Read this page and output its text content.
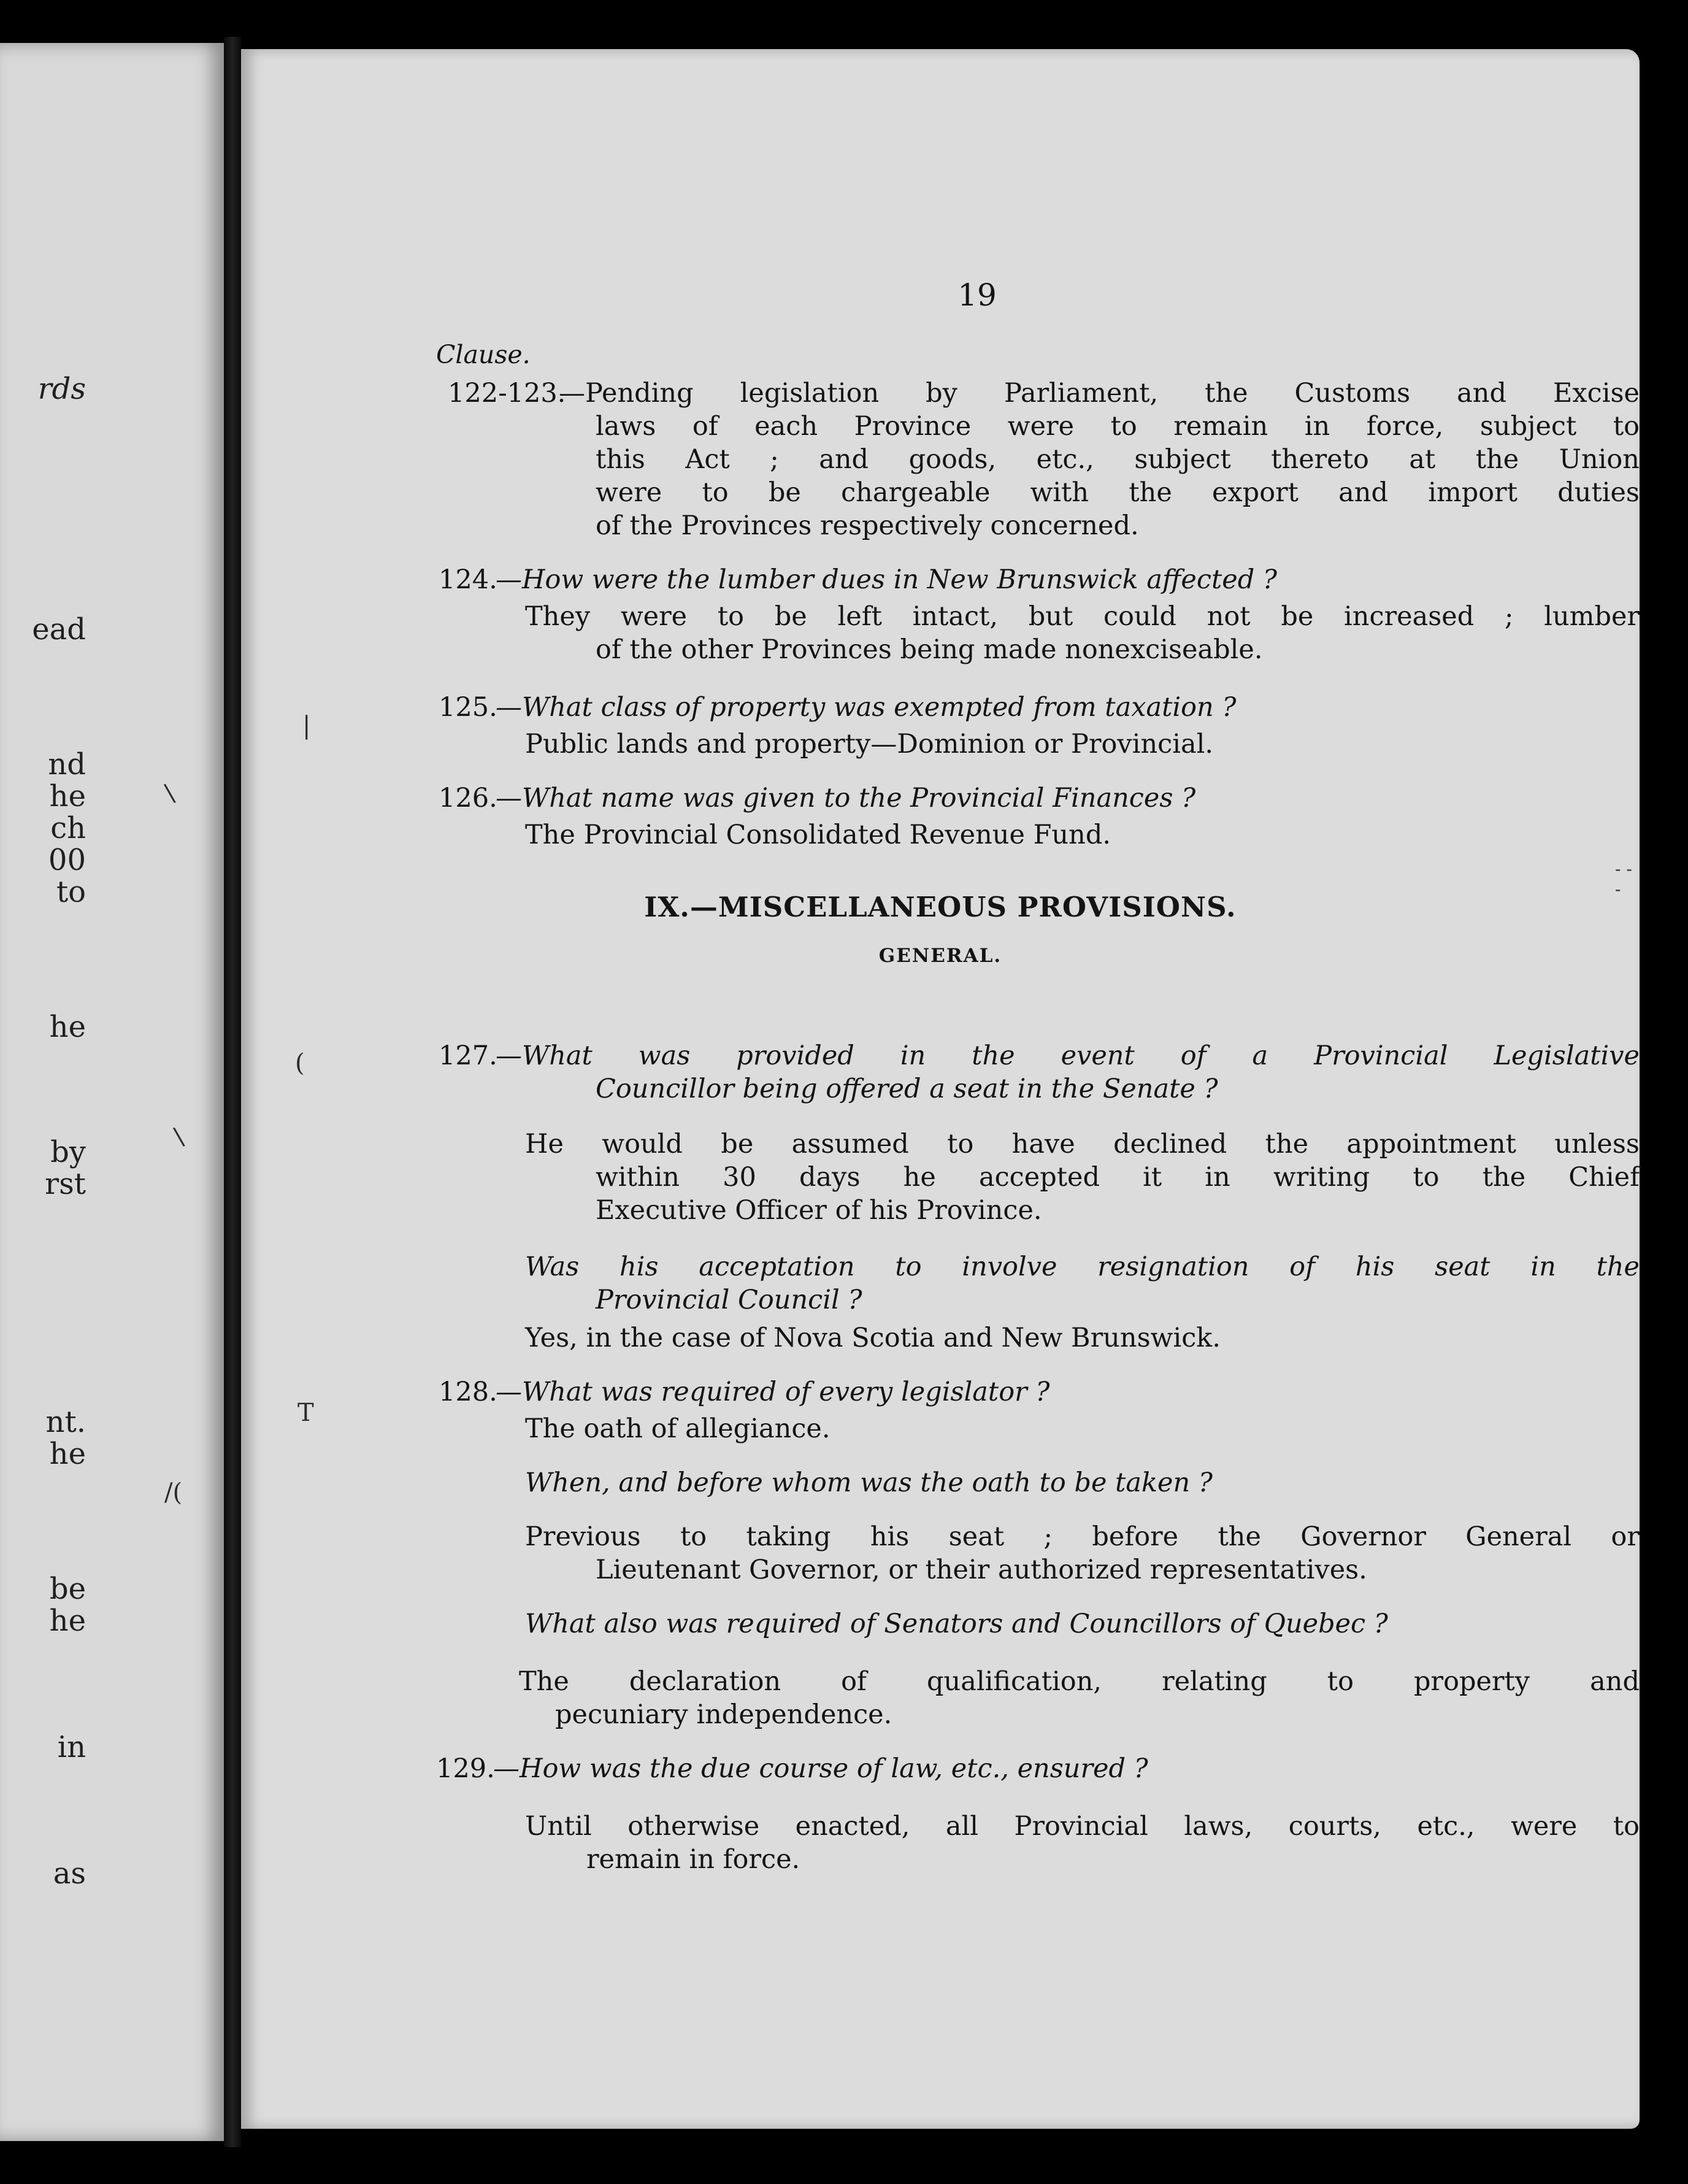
rds
ead
nd
he
ch
00
to
he
by
rst
nt.
he
be
he
in
as
\
\
/(
19
Clause.
122-123.
—Pending legislation by Parliament, the Customs and Excise
laws of each Province were to remain in force, subject to
this Act ; and goods, etc., subject thereto at the Union
were to be chargeable with the export and import duties
of the Provinces respectively concerned.
124.
—How were the lumber dues in New Brunswick affected ?
They were to be left intact, but could not be increased ; lumber
of the other Provinces being made nonexciseable.
125.
—What class of property was exempted from taxation ?
Public lands and property—Dominion or Provincial.
126.
—What name was given to the Provincial Finances ?
The Provincial Consolidated Revenue Fund.
IX.—MISCELLANEOUS PROVISIONS.
GENERAL.
127.
—What was provided in the event of a Provincial Legislative
Councillor being offered a seat in the Senate ?
He would be assumed to have declined the appointment unless
within 30 days he accepted it in writing to the Chief
Executive Officer of his Province.
Was his acceptation to involve resignation of his seat in the
Provincial Council ?
Yes, in the case of Nova Scotia and New Brunswick.
128.
—What was required of every legislator ?
The oath of allegiance.
When, and before whom was the oath to be taken ?
Previous to taking his seat ; before the Governor General or
Lieutenant Governor, or their authorized representatives.
What also was required of Senators and Councillors of Quebec ?
The declaration of qualification, relating to property and
pecuniary independence.
129.
—How was the due course of law, etc., ensured ?
Until otherwise enacted, all Provincial laws, courts, etc., were to
remain in force.
|
(
T
- - -
